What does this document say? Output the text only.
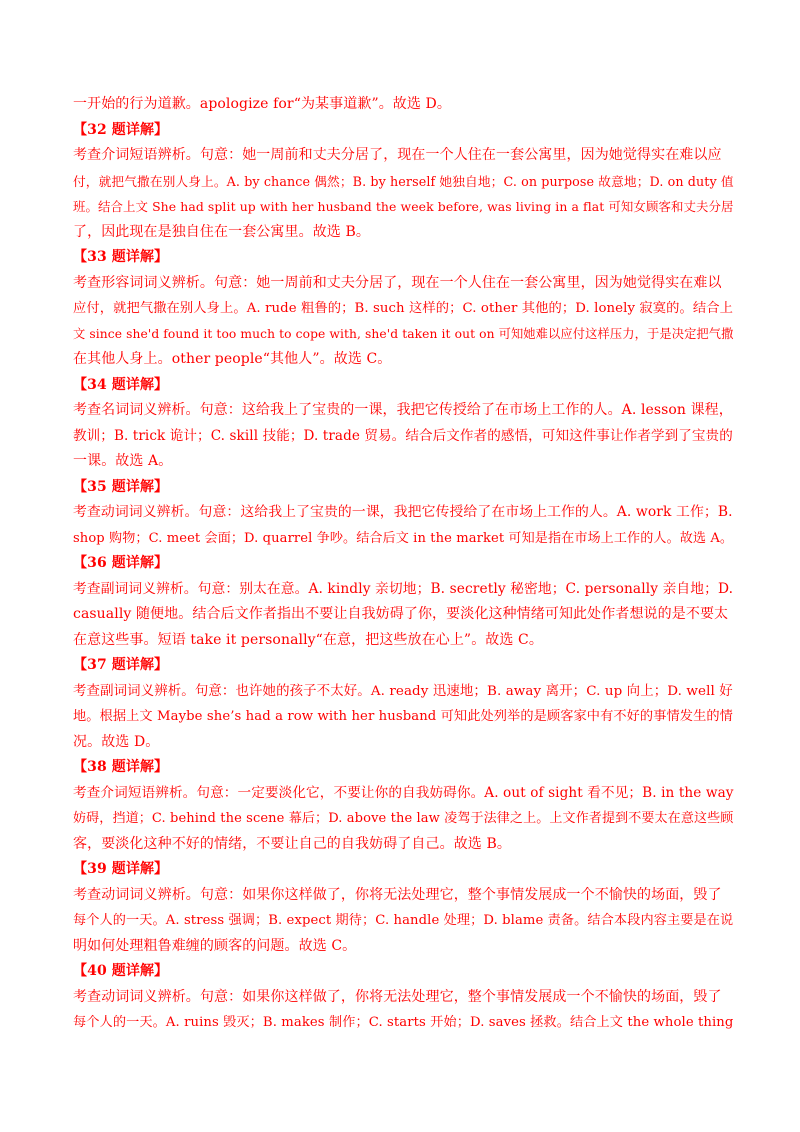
一开始的行为道歉。apologize for“为某事道歉”。故选 D。
【32 题详解】
考查介词短语辨析。句意：她一周前和丈夫分居了，现在一个人住在一套公寓里，因为她觉得实在难以应
付，就把气撒在别人身上。A. by chance 偶然；B. by herself 她独自地；C. on purpose 故意地；D. on duty 值
班。结合上文 She had split up with her husband the week before, was living in a flat 可知女顾客和丈夫分居
了，因此现在是独自住在一套公寓里。故选 B。
【33 题详解】
考查形容词词义辨析。句意：她一周前和丈夫分居了，现在一个人住在一套公寓里，因为她觉得实在难以
应付，就把气撒在别人身上。A. rude 粗鲁的；B. such 这样的；C. other 其他的；D. lonely 寂寞的。结合上
文 since she'd found it too much to cope with, she'd taken it out on 可知她难以应付这样压力，于是决定把气撒
在其他人身上。other people“其他人”。故选 C。
【34 题详解】
考查名词词义辨析。句意：这给我上了宝贵的一课，我把它传授给了在市场上工作的人。A. lesson 课程，
教训；B. trick 诡计；C. skill 技能；D. trade 贸易。结合后文作者的感悟，可知这件事让作者学到了宝贵的
一课。故选 A。
【35 题详解】
考查动词词义辨析。句意：这给我上了宝贵的一课，我把它传授给了在市场上工作的人。A. work 工作；B.
shop 购物；C. meet 会面；D. quarrel 争吵。结合后文 in the market 可知是指在市场上工作的人。故选 A。
【36 题详解】
考查副词词义辨析。句意：别太在意。A. kindly 亲切地；B. secretly 秘密地；C. personally 亲自地；D.
casually 随便地。结合后文作者指出不要让自我妨碍了你，要淡化这种情绪可知此处作者想说的是不要太
在意这些事。短语 take it personally“在意，把这些放在心上”。故选 C。
【37 题详解】
考查副词词义辨析。句意：也许她的孩子不太好。A. ready 迅速地；B. away 离开；C. up 向上；D. well 好
地。根据上文 Maybe she’s had a row with her husband 可知此处列举的是顾客家中有不好的事情发生的情
况。故选 D。
【38 题详解】
考查介词短语辨析。句意：一定要淡化它，不要让你的自我妨碍你。A. out of sight 看不见；B. in the way
妨碍，挡道；C. behind the scene 幕后；D. above the law 凌驾于法律之上。上文作者提到不要太在意这些顾
客，要淡化这种不好的情绪，不要让自己的自我妨碍了自己。故选 B。
【39 题详解】
考查动词词义辨析。句意：如果你这样做了，你将无法处理它，整个事情发展成一个不愉快的场面，毁了
每个人的一天。A. stress 强调；B. expect 期待；C. handle 处理；D. blame 责备。结合本段内容主要是在说
明如何处理粗鲁难缠的顾客的问题。故选 C。
【40 题详解】
考查动词词义辨析。句意：如果你这样做了，你将无法处理它，整个事情发展成一个不愉快的场面，毁了
每个人的一天。A. ruins 毁灭；B. makes 制作；C. starts 开始；D. saves 拯救。结合上文 the whole thing
